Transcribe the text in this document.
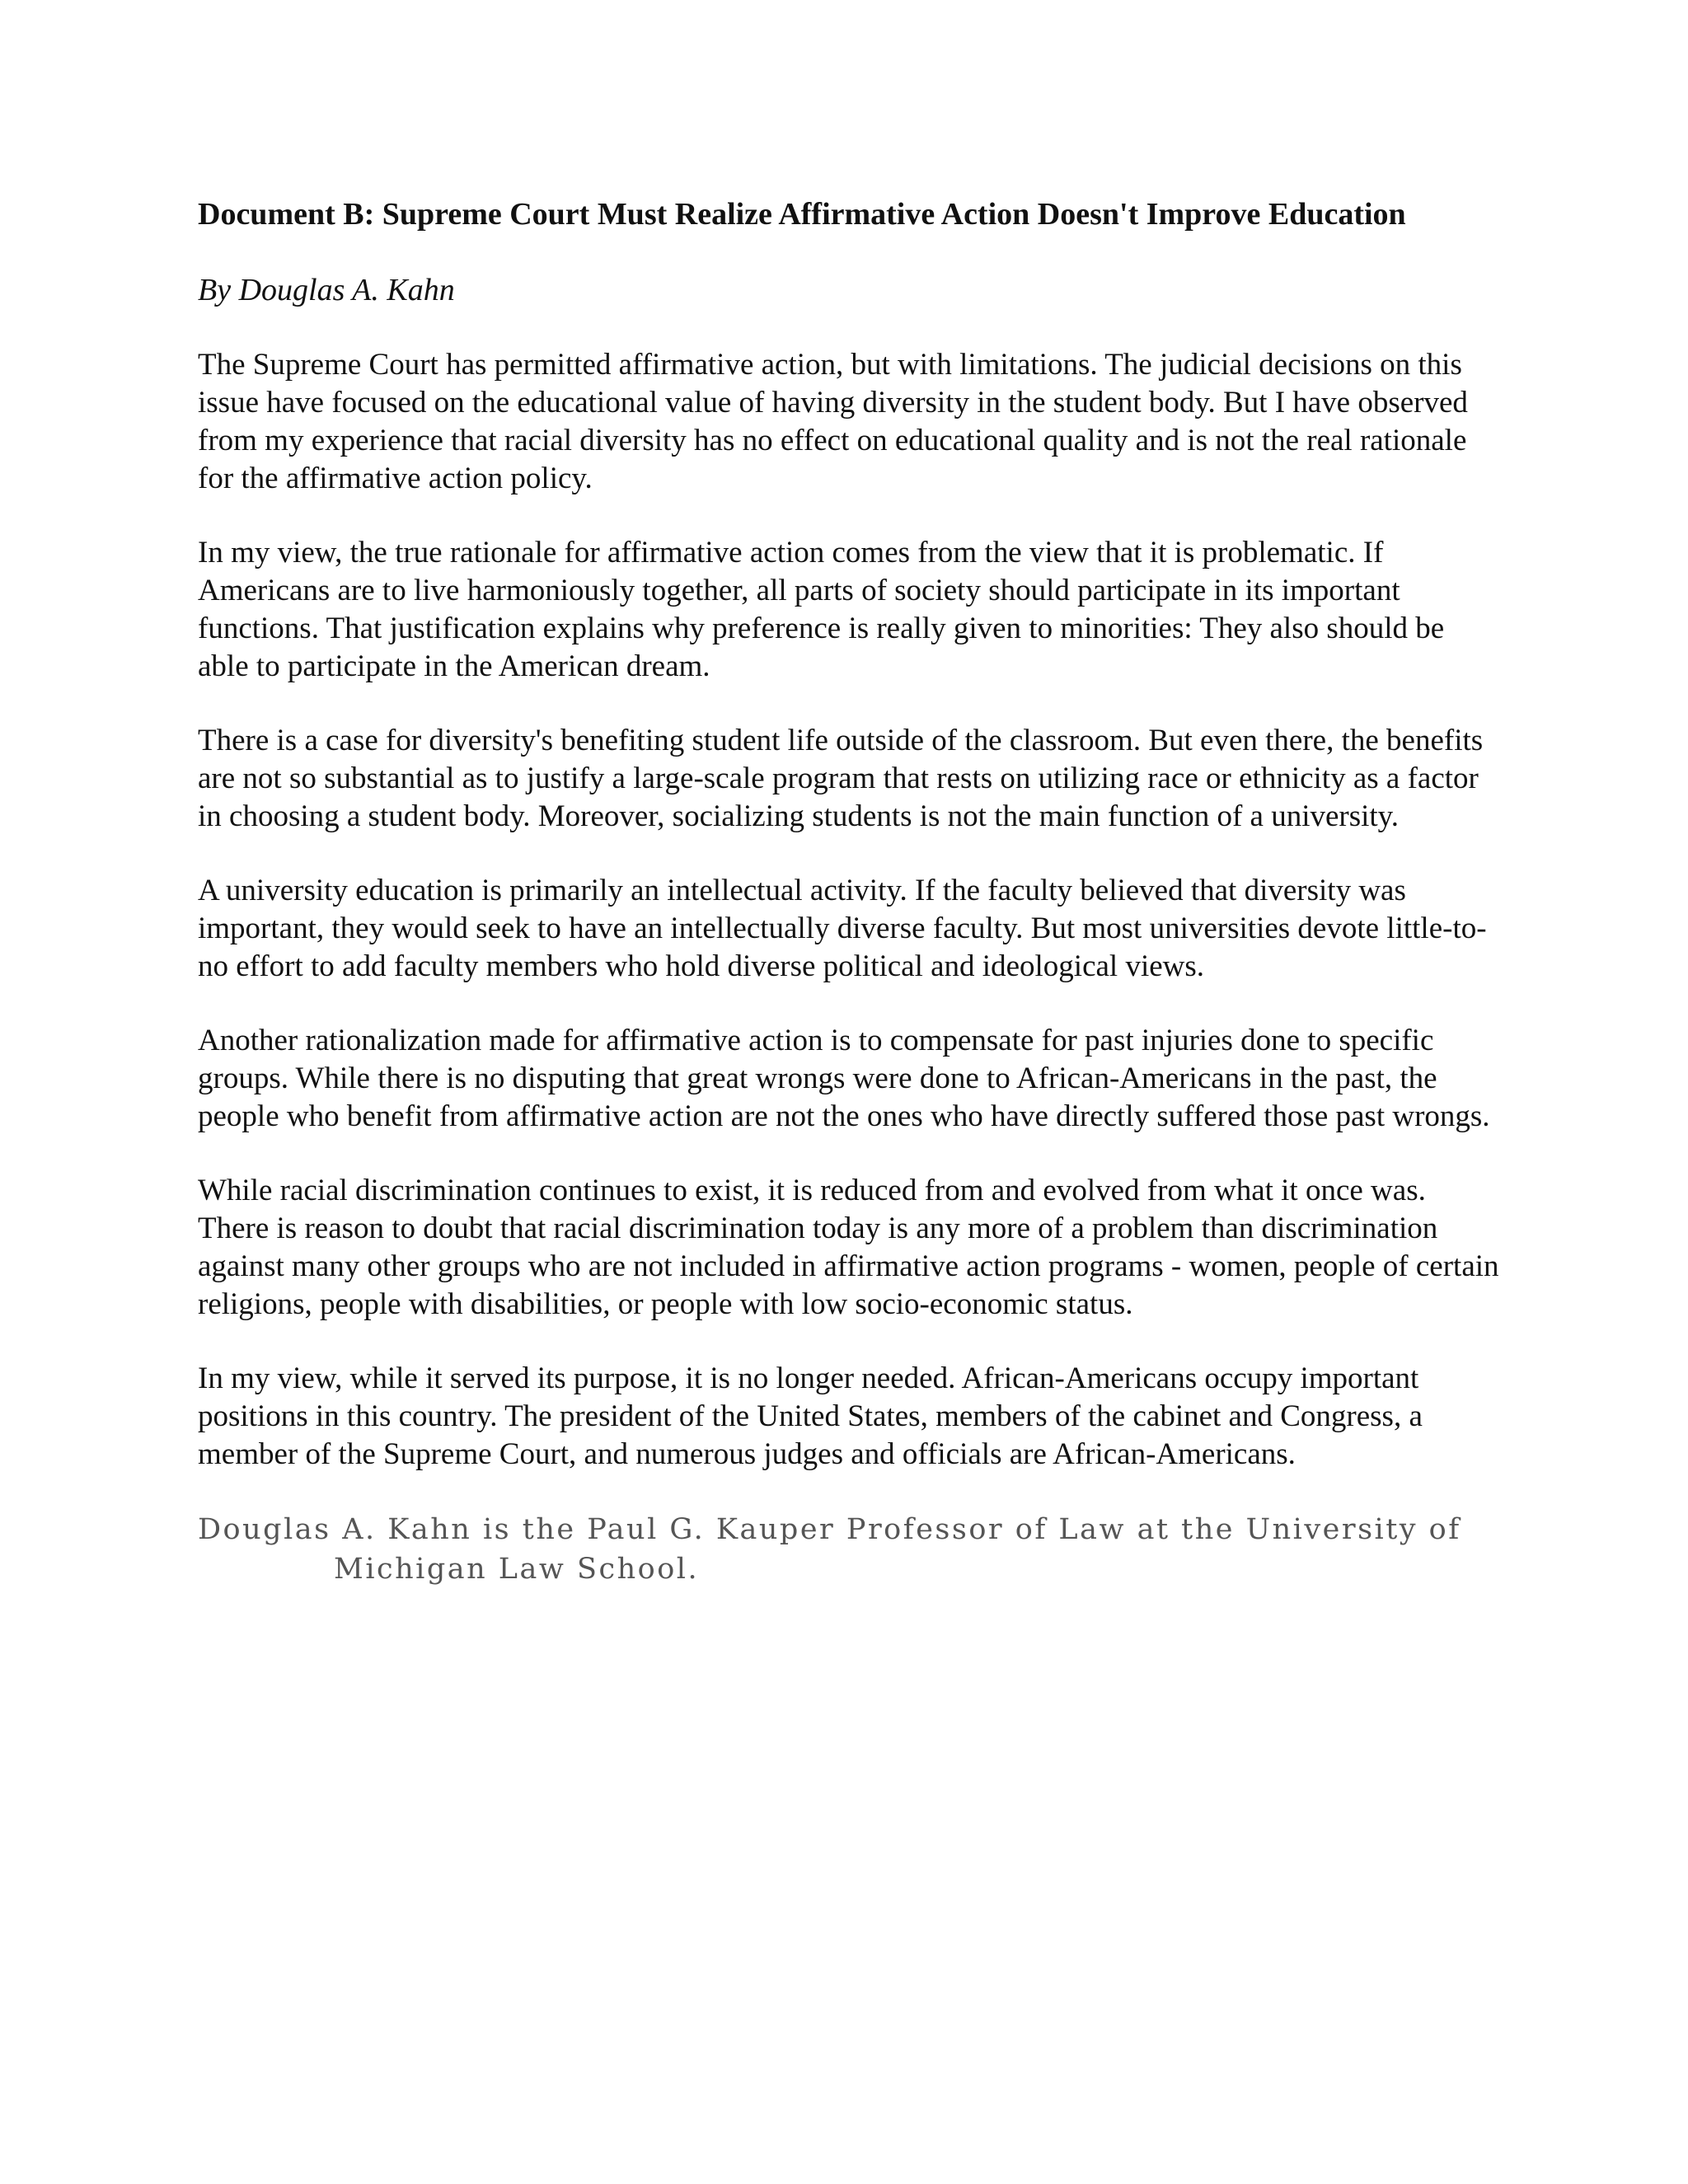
Document B: Supreme Court Must Realize Affirmative Action Doesn't Improve Education

By Douglas A. Kahn

The Supreme Court has permitted affirmative action, but with limitations. The judicial decisions on this issue have focused on the educational value of having diversity in the student body. But I have observed from my experience that racial diversity has no effect on educational quality and is not the real rationale for the affirmative action policy.

In my view, the true rationale for affirmative action comes from the view that it is problematic. If Americans are to live harmoniously together, all parts of society should participate in its important functions. That justification explains why preference is really given to minorities: They also should be able to participate in the American dream.

There is a case for diversity's benefiting student life outside of the classroom. But even there, the benefits are not so substantial as to justify a large-scale program that rests on utilizing race or ethnicity as a factor in choosing a student body. Moreover, socializing students is not the main function of a university.

A university education is primarily an intellectual activity. If the faculty believed that diversity was important, they would seek to have an intellectually diverse faculty. But most universities devote little-to-no effort to add faculty members who hold diverse political and ideological views.

Another rationalization made for affirmative action is to compensate for past injuries done to specific groups. While there is no disputing that great wrongs were done to African-Americans in the past, the people who benefit from affirmative action are not the ones who have directly suffered those past wrongs.

While racial discrimination continues to exist, it is reduced from and evolved from what it once was. There is reason to doubt that racial discrimination today is any more of a problem than discrimination against many other groups who are not included in affirmative action programs - women, people of certain religions, people with disabilities, or people with low socio-economic status.

In my view, while it served its purpose, it is no longer needed. African-Americans occupy important positions in this country. The president of the United States, members of the cabinet and Congress, a member of the Supreme Court, and numerous judges and officials are African-Americans.

Douglas A. Kahn is the Paul G. Kauper Professor of Law at the University of Michigan Law School.
